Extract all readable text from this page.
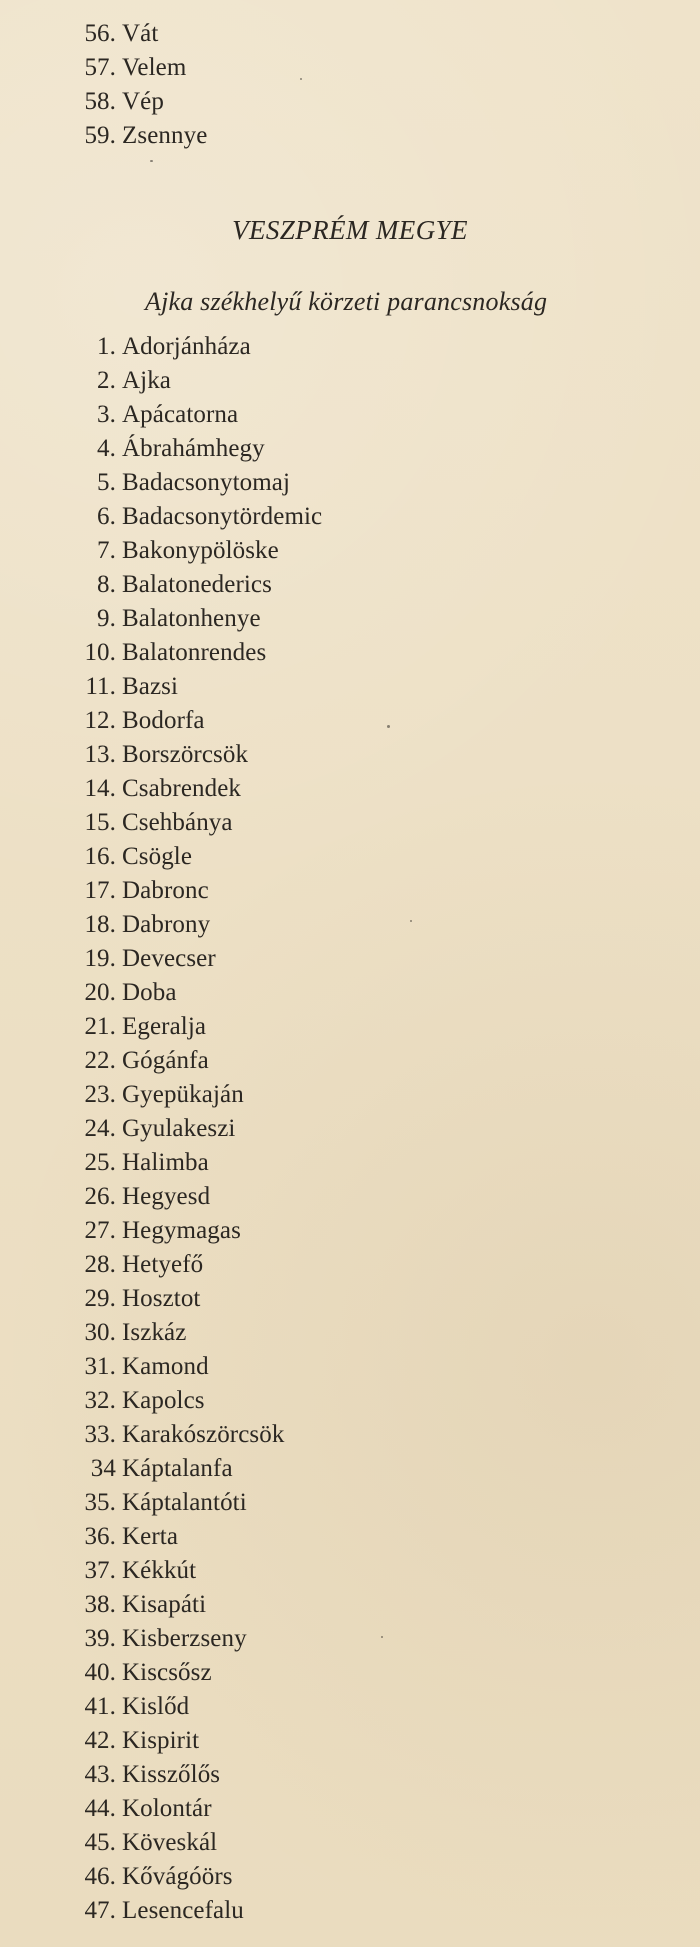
56. Vát
57. Velem
58. Vép
59. Zsennye
VESZPRÉM MEGYE
Ajka székhelyű körzeti parancsnokság
1. Adorjánháza
2. Ajka
3. Apácatorna
4. Ábrahámhegy
5. Badacsonytomaj
6. Badacsonytördemic
7. Bakonypölöske
8. Balatonederics
9. Balatonhenye
10. Balatonrendes
11. Bazsi
12. Bodorfa
13. Borszörcsök
14. Csabrendek
15. Csehbánya
16. Csögle
17. Dabronc
18. Dabrony
19. Devecser
20. Doba
21. Egeralja
22. Gógánfa
23. Gyepükaján
24. Gyulakeszi
25. Halimba
26. Hegyesd
27. Hegymagas
28. Hetyefő
29. Hosztot
30. Iszkáz
31. Kamond
32. Kapolcs
33. Karakószörcsök
34 Káptalanfa
35. Káptalantóti
36. Kerta
37. Kékkút
38. Kisapáti
39. Kisberzseny
40. Kiscsősz
41. Kislőd
42. Kispirit
43. Kisszőlős
44. Kolontár
45. Köveskál
46. Kővágóörs
47. Lesencefalu
